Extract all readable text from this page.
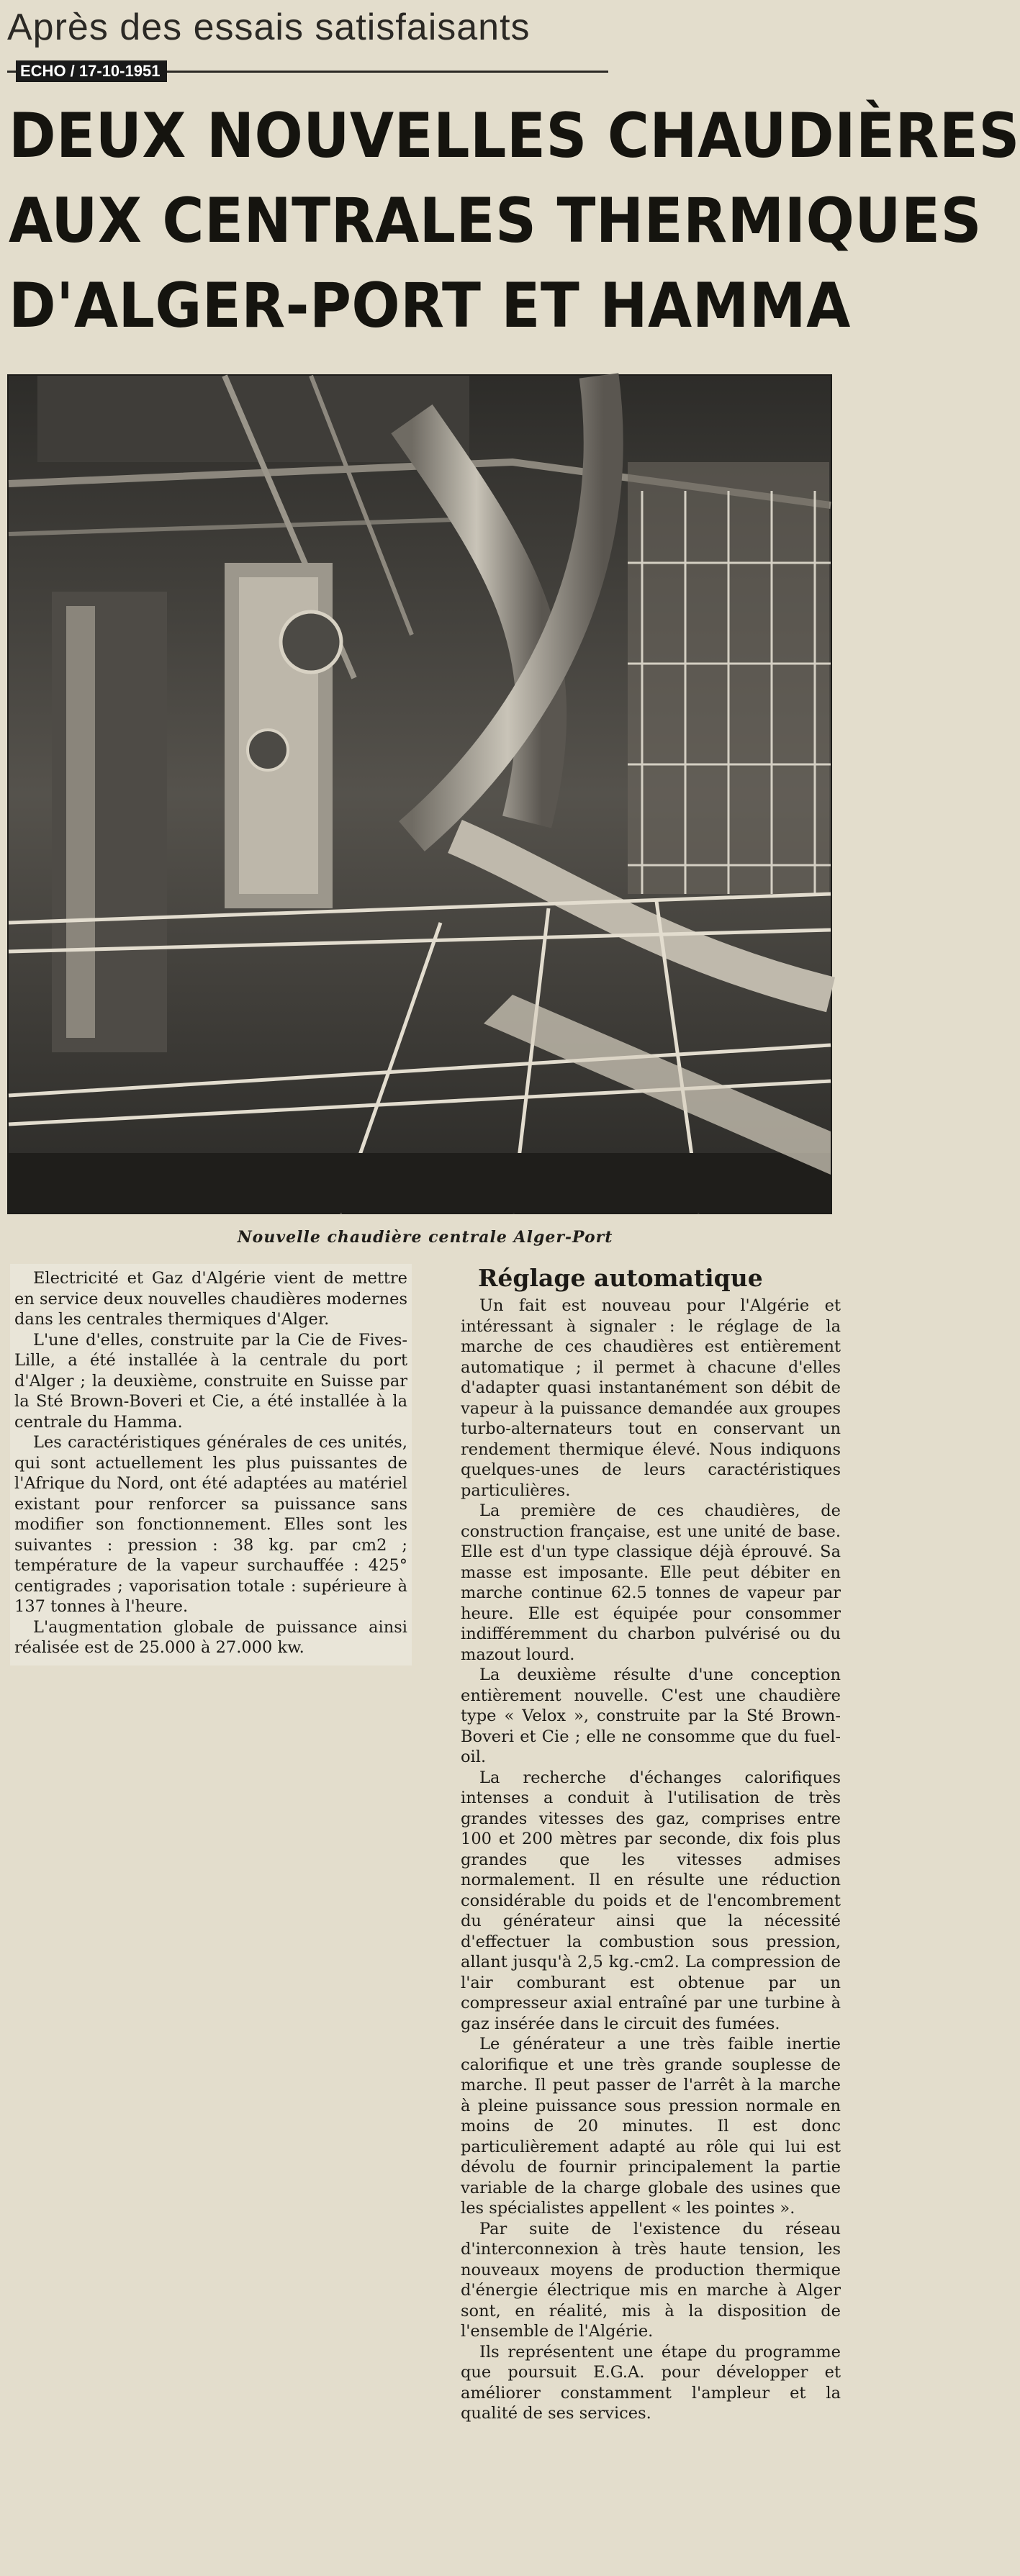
Après des essais satisfaisants
ECHO / 17-10-1951
DEUX NOUVELLES CHAUDIÈRES
AUX CENTRALES THERMIQUES
D'ALGER-PORT ET HAMMA
Nouvelle chaudière centrale Alger-Port

Electricité et Gaz d'Algérie vient de mettre en service deux nouvelles chaudières modernes dans les centrales thermiques d'Alger.

L'une d'elles, construite par la Cie de Fives-Lille, a été installée à la centrale du port d'Alger ; la deuxième, construite en Suisse par la Sté Brown-Boveri et Cie, a été installée à la centrale du Hamma.

Les caractéristiques générales de ces unités, qui sont actuellement les plus puissantes de l'Afrique du Nord, ont été adaptées au matériel existant pour renforcer sa puissance sans modifier son fonctionnement. Elles sont les suivantes : pression : 38 kg. par cm2 ; température de la vapeur surchauffée : 425° centigrades ; vaporisation totale : supérieure à 137 tonnes à l'heure.

L'augmentation globale de puissance ainsi réalisée est de 25.000 à 27.000 kw.

Réglage automatique

Un fait est nouveau pour l'Algérie et intéressant à signaler : le réglage de la marche de ces chaudières est entièrement automatique ; il permet à chacune d'elles d'adapter quasi instantanément son débit de vapeur à la puissance demandée aux groupes turbo-alternateurs tout en conservant un rendement thermique élevé. Nous indiquons quelques-unes de leurs caractéristiques particulières.

La première de ces chaudières, de construction française, est une unité de base. Elle est d'un type classique déjà éprouvé. Sa masse est imposante. Elle peut débiter en marche continue 62.5 tonnes de vapeur par heure. Elle est équipée pour consommer indifféremment du charbon pulvérisé ou du mazout lourd.

La deuxième résulte d'une conception entièrement nouvelle. C'est une chaudière type « Velox », construite par la Sté Brown-Boveri et Cie ; elle ne consomme que du fuel-oil.

La recherche d'échanges calorifiques intenses a conduit à l'utilisation de très grandes vitesses des gaz, comprises entre 100 et 200 mètres par seconde, dix fois plus grandes que les vitesses admises normalement. Il en résulte une réduction considérable du poids et de l'encombrement du générateur ainsi que la nécessité d'effectuer la combustion sous pression, allant jusqu'à 2,5 kg.-cm2. La compression de l'air comburant est obtenue par un compresseur axial entraîné par une turbine à gaz insérée dans le circuit des fumées.

Le générateur a une très faible inertie calorifique et une très grande souplesse de marche. Il peut passer de l'arrêt à la marche à pleine puissance sous pression normale en moins de 20 minutes. Il est donc particulièrement adapté au rôle qui lui est dévolu de fournir principalement la partie variable de la charge globale des usines que les spécialistes appellent « les pointes ».

Par suite de l'existence du réseau d'interconnexion à très haute tension, les nouveaux moyens de production thermique d'énergie électrique mis en marche à Alger sont, en réalité, mis à la disposition de l'ensemble de l'Algérie.

Ils représentent une étape du programme que poursuit E.G.A. pour développer et améliorer constamment l'ampleur et la qualité de ses services.
